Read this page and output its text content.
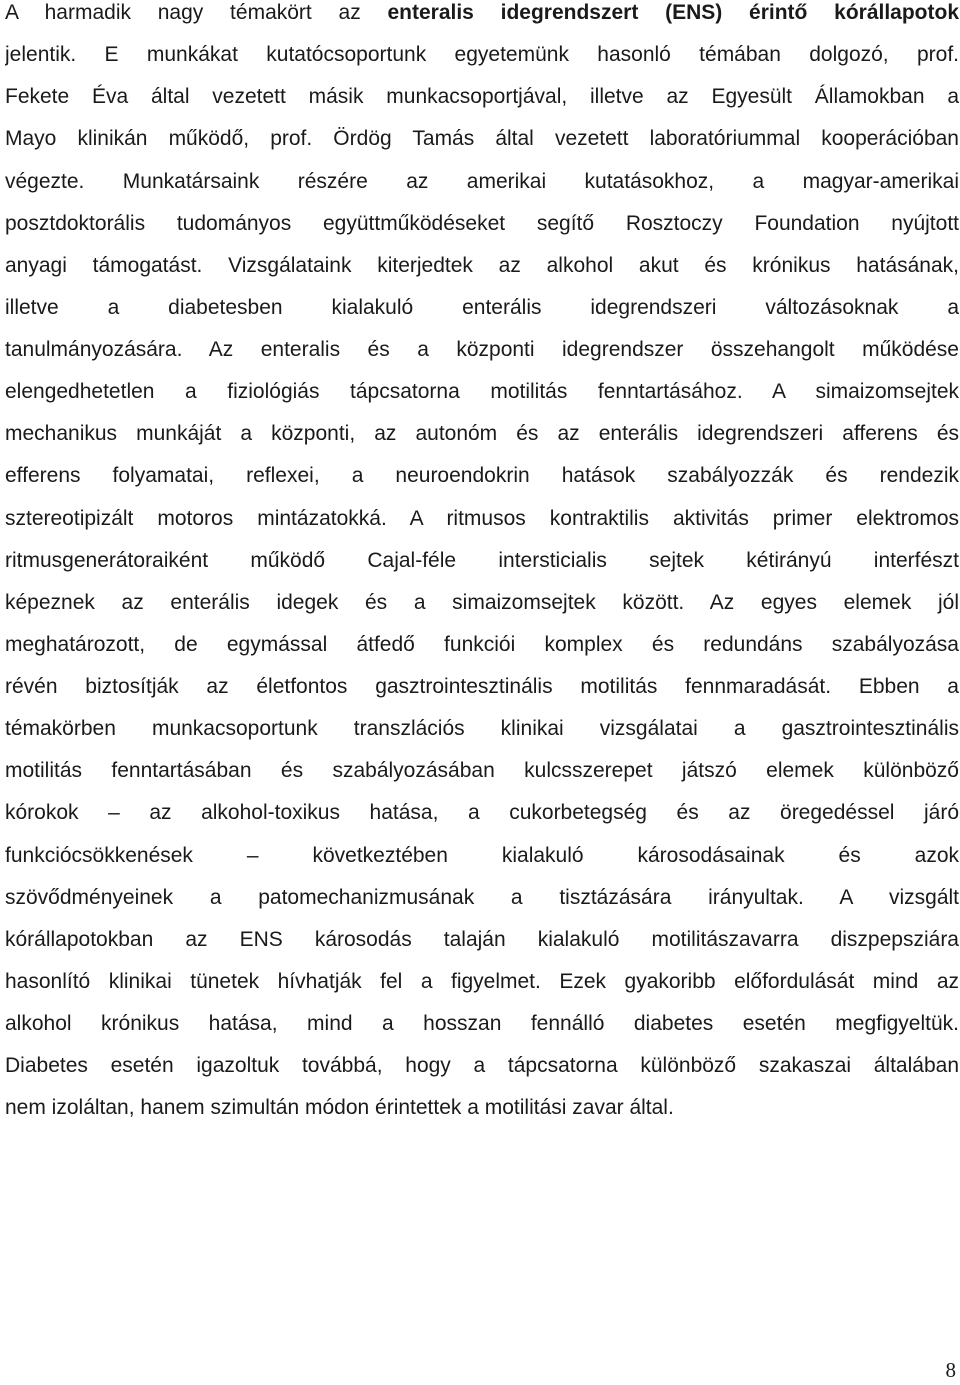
A harmadik nagy témakört az enteralis idegrendszert (ENS) érintő kórállapotok
jelentik. E munkákat kutatócsoportunk egyetemünk hasonló témában dolgozó, prof.
Fekete Éva által vezetett másik munkacsoportjával, illetve az Egyesült Államokban a
Mayo klinikán működő, prof. Ördög Tamás által vezetett laboratóriummal kooperációban
végezte. Munkatársaink részére az amerikai kutatásokhoz, a magyar-amerikai
posztdoktorális tudományos együttműködéseket segítő Rosztoczy Foundation nyújtott
anyagi támogatást. Vizsgálataink kiterjedtek az alkohol akut és krónikus hatásának,
illetve a diabetesben kialakuló enterális idegrendszeri változásoknak a
tanulmányozására. Az enteralis és a központi idegrendszer összehangolt működése
elengedhetetlen a fiziológiás tápcsatorna motilitás fenntartásához. A simaizomsejtek
mechanikus munkáját a központi, az autonóm és az enterális idegrendszeri afferens és
efferens folyamatai, reflexei, a neuroendokrin hatások szabályozzák és rendezik
sztereotipizált motoros mintázatokká. A ritmusos kontraktilis aktivitás primer elektromos
ritmusgenerátoraiként működő Cajal-féle intersticialis sejtek kétirányú interfészt
képeznek az enterális idegek és a simaizomsejtek között. Az egyes elemek jól
meghatározott, de egymással átfedő funkciói komplex és redundáns szabályozása
révén biztosítják az életfontos gasztrointesztinális motilitás fennmaradását. Ebben a
témakörben munkacsoportunk transzlációs klinikai vizsgálatai a gasztrointesztinális
motilitás fenntartásában és szabályozásában kulcsszerepet játszó elemek különböző
kórokok – az alkohol-toxikus hatása, a cukorbetegség és az öregedéssel járó
funkciócsökkenések – következtében kialakuló károsodásainak és azok
szövődményeinek a patomechanizmusának a tisztázására irányultak. A vizsgált
kórállapotokban az ENS károsodás talaján kialakuló motilitászavarra diszpepsziára
hasonlító klinikai tünetek hívhatják fel a figyelmet. Ezek gyakoribb előfordulását mind az
alkohol krónikus hatása, mind a hosszan fennálló diabetes esetén megfigyeltük.
Diabetes esetén igazoltuk továbbá, hogy a tápcsatorna különböző szakaszai általában
nem izoláltan, hanem szimultán módon érintettek a motilitási zavar által.
8
